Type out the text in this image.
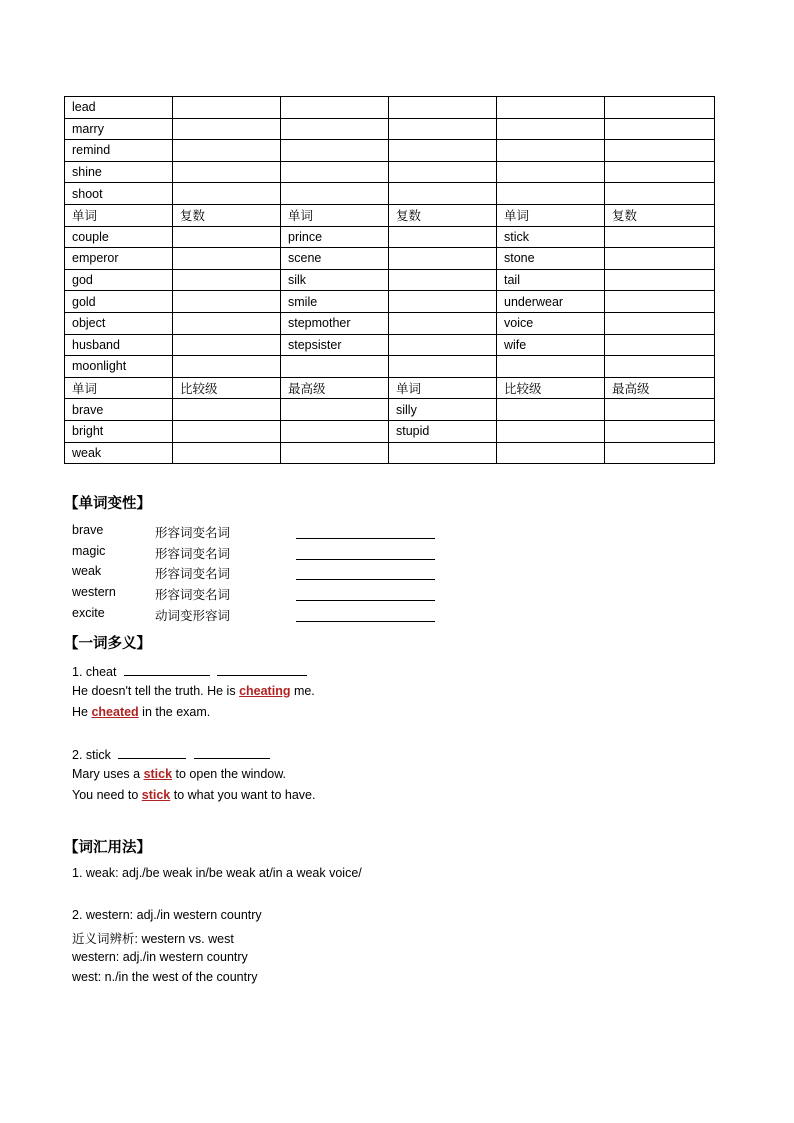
lead					
marry					
remind					
shine					
shoot					
单词	复数	单词	复数	单词	复数
couple		prince		stick	
emperor		scene		stone	
god		silk		tail	
gold		smile		underwear	
object		stepmother		voice	
husband		stepsister		wife	
moonlight					
单词	比较级	最高级	单词	比较级	最高级
brave			silly		
bright			stupid		
weak					
【单词变性】
brave	形容词变名词
magic	形容词变名词
weak	形容词变名词
western	形容词变名词
excite	动词变形容词
【一词多义】
1. cheat
He doesn't tell the truth. He is cheating me.
He cheated in the exam.
2. stick
Mary uses a stick to open the window.
You need to stick to what you want to have.
【词汇用法】
1. weak: adj./be weak in/be weak at/in a weak voice/
2. western: adj./in western country
近义词辨析: western vs. west
western: adj./in western country
west: n./in the west of the country
